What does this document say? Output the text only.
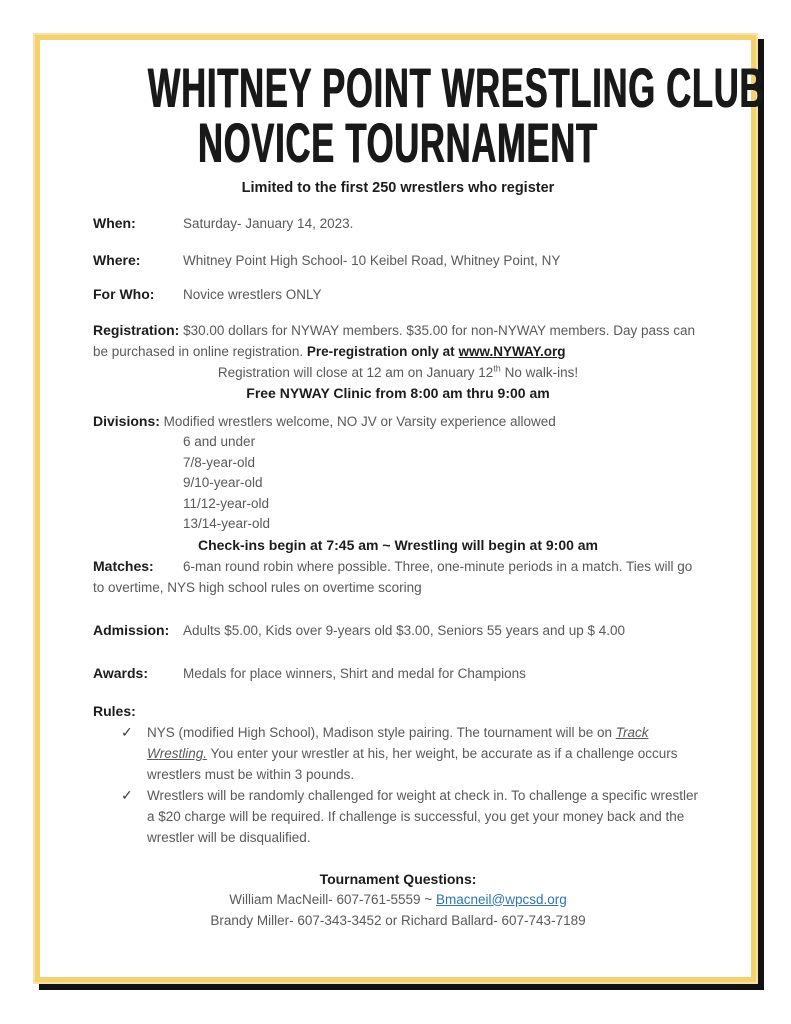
WHITNEY POINT WRESTLING CLUB
NOVICE TOURNAMENT
Limited to the first 250 wrestlers who register

When:	Saturday- January 14, 2023.

Where:	Whitney Point High School- 10 Keibel Road, Whitney Point, NY

For Who: Novice wrestlers ONLY

Registration: $30.00 dollars for NYWAY members. $35.00 for non-NYWAY members. Day pass can be purchased in online registration. Pre-registration only at www.NYWAY.org

Registration will close at 12 am on January 12th No walk-ins!

Free NYWAY Clinic from 8:00 am thru 9:00 am

Divisions: Modified wrestlers welcome, NO JV or Varsity experience allowed

6 and under
7/8-year-old
9/10-year-old
11/12-year-old
13/14-year-old

Check-ins begin at 7:45 am ~ Wrestling will begin at 9:00 am

Matches: 6-man round robin where possible. Three, one-minute periods in a match. Ties will go to overtime, NYS high school rules on overtime scoring

Admission: Adults $5.00, Kids over 9-years old $3.00, Seniors 55 years and up $ 4.00

Awards:	Medals for place winners, Shirt and medal for Champions

Rules:

✓ NYS (modified High School), Madison style pairing. The tournament will be on Track Wrestling. You enter your wrestler at his, her weight, be accurate as if a challenge occurs wrestlers must be within 3 pounds.
✓ Wrestlers will be randomly challenged for weight at check in. To challenge a specific wrestler a $20 charge will be required. If challenge is successful, you get your money back and the wrestler will be disqualified.

Tournament Questions:

William MacNeill- 607-761-5559 ~ Bmacneil@wpcsd.org

Brandy Miller- 607-343-3452 or Richard Ballard- 607-743-7189
